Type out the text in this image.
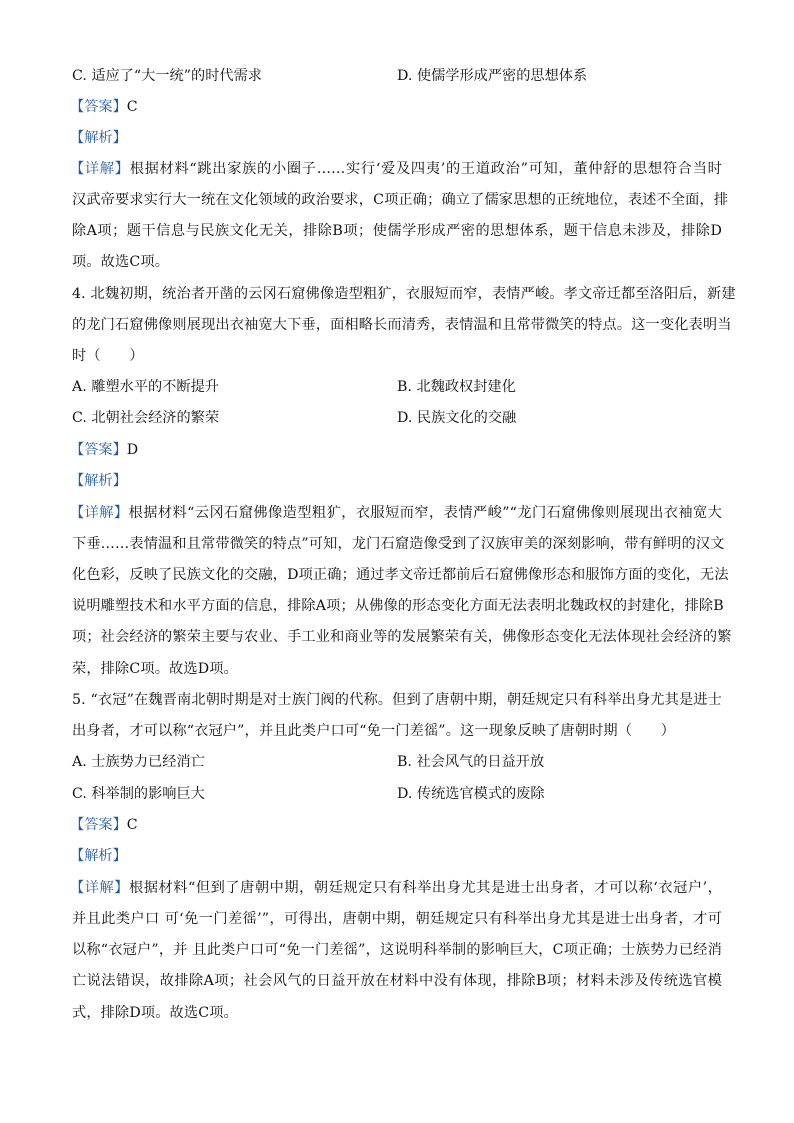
C. 适应了“大一统”的时代需求	D. 使儒学形成严密的思想体系
【答案】C
【解析】
【详解】根据材料“跳出家族的小圈子……实行‘爱及四夷’的王道政治”可知，董仲舒的思想符合当时
汉武帝要求实行大一统在文化领域的政治要求，C项正确；确立了儒家思想的正统地位，表述不全面，排
除A项；题干信息与民族文化无关，排除B项；使儒学形成严密的思想体系，题干信息未涉及，排除D
项。故选C项。
4. 北魏初期，统治者开凿的云冈石窟佛像造型粗犷，衣服短而窄，表情严峻。孝文帝迁都至洛阳后，新建
的龙门石窟佛像则展现出衣袖宽大下垂，面相略长而清秀，表情温和且常带微笑的特点。这一变化表明当
时（　　）
A. 雕塑水平的不断提升	B. 北魏政权封建化
C. 北朝社会经济的繁荣	D. 民族文化的交融
【答案】D
【解析】
【详解】根据材料“云冈石窟佛像造型粗犷，衣服短而窄，表情严峻”“龙门石窟佛像则展现出衣袖宽大
下垂……表情温和且常带微笑的特点”可知，龙门石窟造像受到了汉族审美的深刻影响，带有鲜明的汉文
化色彩，反映了民族文化的交融，D项正确；通过孝文帝迁都前后石窟佛像形态和服饰方面的变化，无法
说明雕塑技术和水平方面的信息，排除A项；从佛像的形态变化方面无法表明北魏政权的封建化，排除B
项；社会经济的繁荣主要与农业、手工业和商业等的发展繁荣有关，佛像形态变化无法体现社会经济的繁
荣，排除C项。故选D项。
5. “衣冠”在魏晋南北朝时期是对士族门阀的代称。但到了唐朝中期，朝廷规定只有科举出身尤其是进士
出身者，才可以称“衣冠户”，并且此类户口可“免一门差徭”。这一现象反映了唐朝时期（　　）
A. 士族势力已经消亡	B. 社会风气的日益开放
C. 科举制的影响巨大	D. 传统选官模式的废除
【答案】C
【解析】
【详解】根据材料“但到了唐朝中期，朝廷规定只有科举出身尤其是进士出身者，才可以称‘衣冠户’，
并且此类户口 可‘免一门差徭’”，可得出，唐朝中期，朝廷规定只有科举出身尤其是进士出身者，才可
以称“衣冠户”，并 且此类户口可“免一门差徭”，这说明科举制的影响巨大，C项正确；士族势力已经消
亡说法错误，故排除A项；社会风气的日益开放在材料中没有体现，排除B项；材料未涉及传统选官模
式，排除D项。故选C项。
